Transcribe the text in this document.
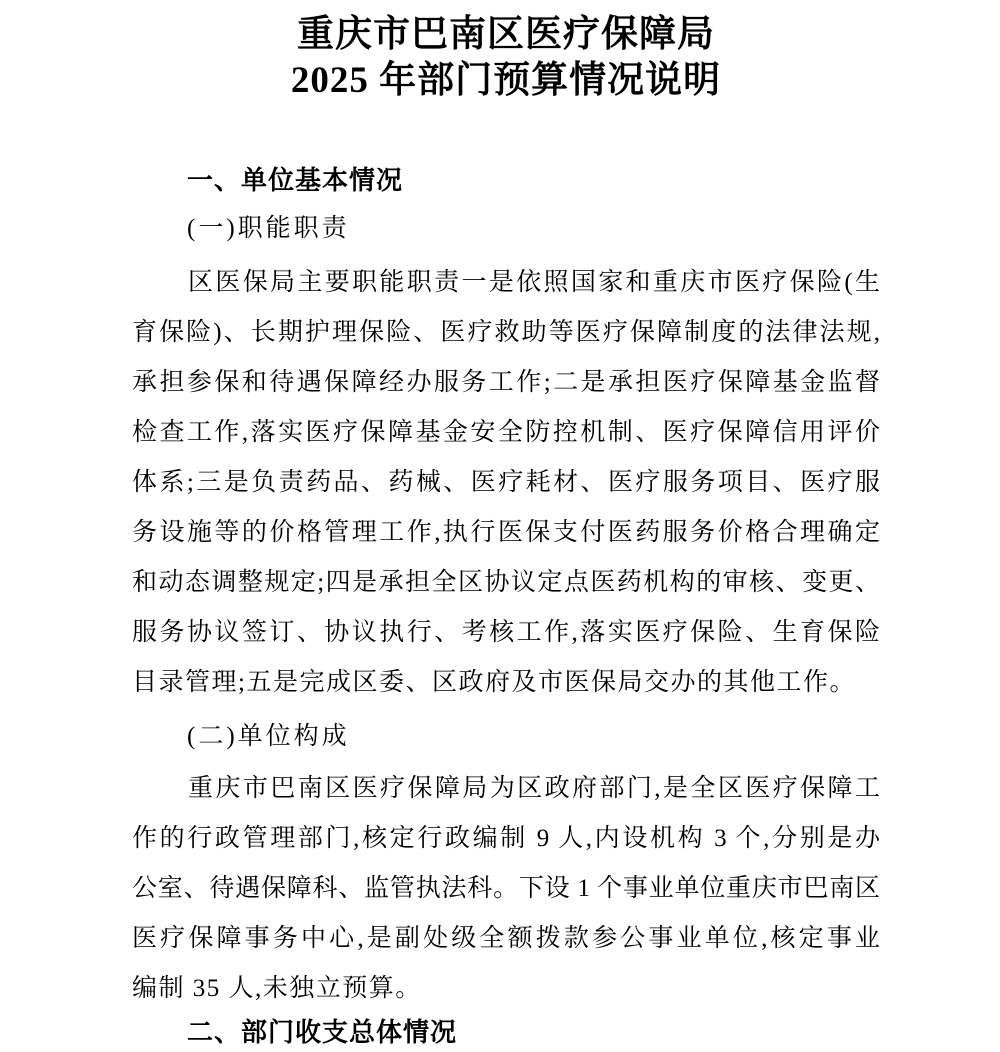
重庆市巴南区医疗保障局
2025 年部门预算情况说明
一、单位基本情况
(一)职能职责
区医保局主要职能职责一是依照国家和重庆市医疗保险(生
育保险)、长期护理保险、医疗救助等医疗保障制度的法律法规,
承担参保和待遇保障经办服务工作;二是承担医疗保障基金监督
检查工作,落实医疗保障基金安全防控机制、医疗保障信用评价
体系;三是负责药品、药械、医疗耗材、医疗服务项目、医疗服
务设施等的价格管理工作,执行医保支付医药服务价格合理确定
和动态调整规定;四是承担全区协议定点医药机构的审核、变更、
服务协议签订、协议执行、考核工作,落实医疗保险、生育保险
目录管理;五是完成区委、区政府及市医保局交办的其他工作。
(二)单位构成
重庆市巴南区医疗保障局为区政府部门,是全区医疗保障工
作的行政管理部门,核定行政编制 9 人,内设机构 3 个,分别是办
公室、待遇保障科、监管执法科。下设 1 个事业单位重庆市巴南区
医疗保障事务中心,是副处级全额拨款参公事业单位,核定事业
编制 35 人,未独立预算。
二、部门收支总体情况
